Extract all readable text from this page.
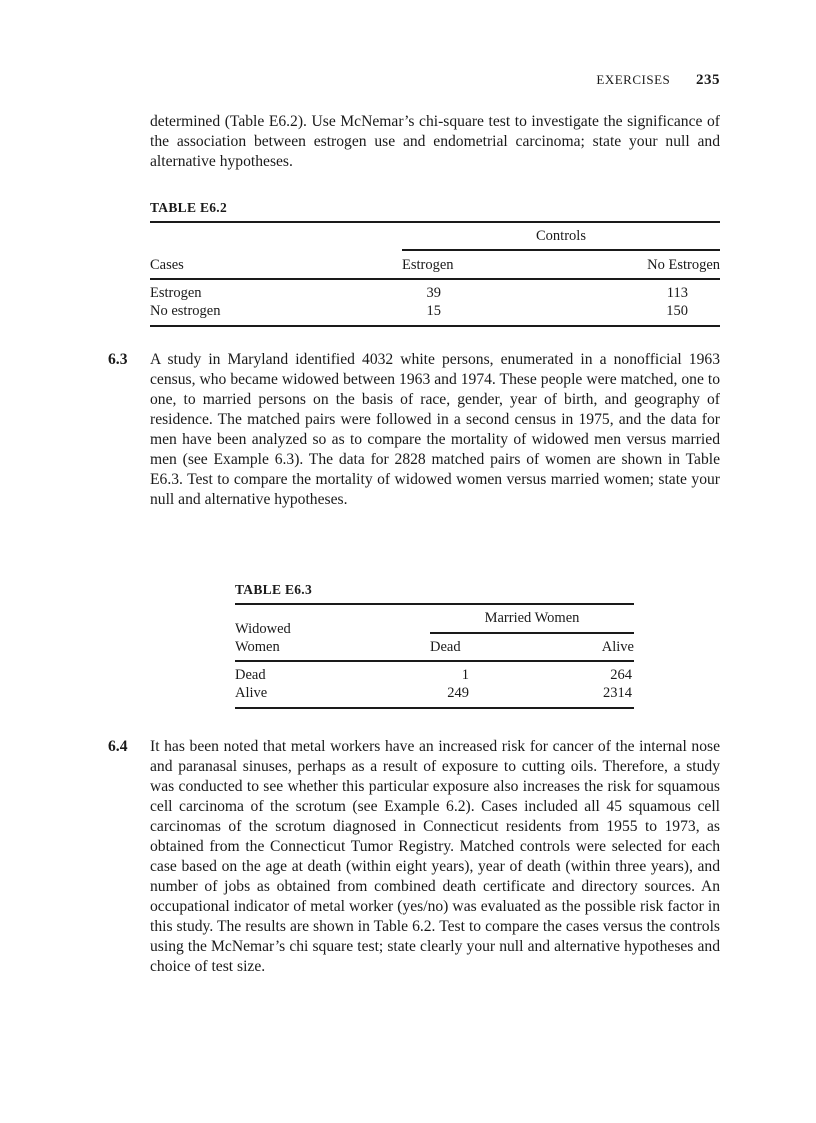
EXERCISES 235
determined (Table E6.2). Use McNemar’s chi-square test to investigate the significance of the association between estrogen use and endometrial carcinoma; state your null and alternative hypotheses.
TABLE E6.2
Controls
Cases	Estrogen	No Estrogen
Estrogen	39	113
No estrogen	15	150
6.3 A study in Maryland identified 4032 white persons, enumerated in a nonofficial 1963 census, who became widowed between 1963 and 1974. These people were matched, one to one, to married persons on the basis of race, gender, year of birth, and geography of residence. The matched pairs were followed in a second census in 1975, and the data for men have been analyzed so as to compare the mortality of widowed men versus married men (see Example 6.3). The data for 2828 matched pairs of women are shown in Table E6.3. Test to compare the mortality of widowed women versus married women; state your null and alternative hypotheses.
TABLE E6.3
Married Women
Widowed
Women	Dead	Alive
Dead	1	264
Alive	249	2314
6.4 It has been noted that metal workers have an increased risk for cancer of the internal nose and paranasal sinuses, perhaps as a result of exposure to cutting oils. Therefore, a study was conducted to see whether this particular exposure also increases the risk for squamous cell carcinoma of the scrotum (see Example 6.2). Cases included all 45 squamous cell carcinomas of the scrotum diagnosed in Connecticut residents from 1955 to 1973, as obtained from the Connecticut Tumor Registry. Matched controls were selected for each case based on the age at death (within eight years), year of death (within three years), and number of jobs as obtained from combined death certificate and directory sources. An occupational indicator of metal worker (yes/no) was evaluated as the possible risk factor in this study. The results are shown in Table 6.2. Test to compare the cases versus the controls using the McNemar’s chi square test; state clearly your null and alternative hypotheses and choice of test size.
